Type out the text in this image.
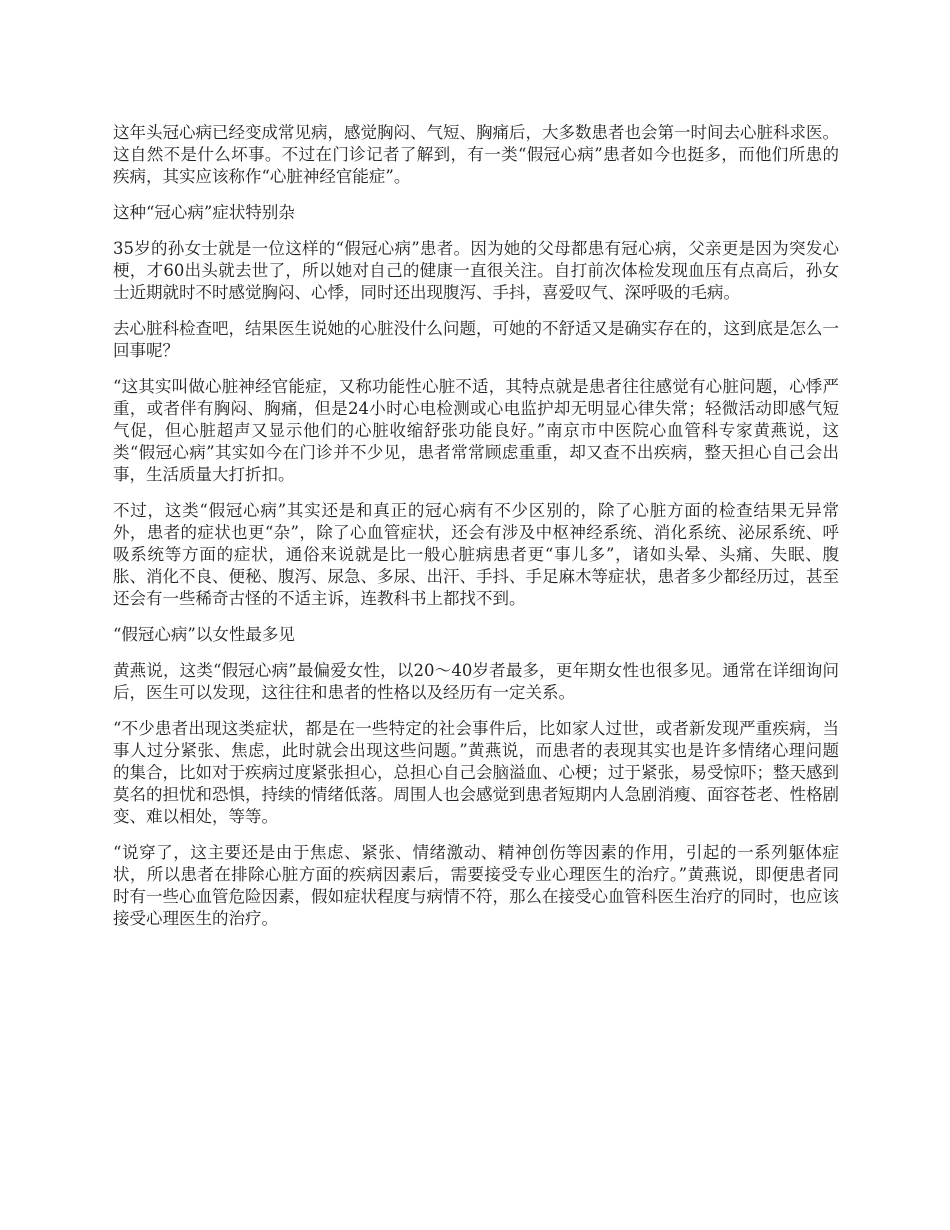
这年头冠心病已经变成常见病，感觉胸闷、气短、胸痛后，大多数患者也会第一时间去心脏科求医。这自然不是什么坏事。不过在门诊记者了解到，有一类“假冠心病”患者如今也挺多，而他们所患的疾病，其实应该称作“心脏神经官能症”。

这种“冠心病”症状特别杂

35岁的孙女士就是一位这样的“假冠心病”患者。因为她的父母都患有冠心病，父亲更是因为突发心梗，才60出头就去世了，所以她对自己的健康一直很关注。自打前次体检发现血压有点高后，孙女士近期就时不时感觉胸闷、心悸，同时还出现腹泻、手抖，喜爱叹气、深呼吸的毛病。

去心脏科检查吧，结果医生说她的心脏没什么问题，可她的不舒适又是确实存在的，这到底是怎么一回事呢？

“这其实叫做心脏神经官能症，又称功能性心脏不适，其特点就是患者往往感觉有心脏问题，心悸严重，或者伴有胸闷、胸痛，但是24小时心电检测或心电监护却无明显心律失常；轻微活动即感气短气促，但心脏超声又显示他们的心脏收缩舒张功能良好。”南京市中医院心血管科专家黄燕说，这类“假冠心病”其实如今在门诊并不少见，患者常常顾虑重重，却又查不出疾病，整天担心自己会出事，生活质量大打折扣。

不过，这类“假冠心病”其实还是和真正的冠心病有不少区别的，除了心脏方面的检查结果无异常外，患者的症状也更“杂”，除了心血管症状，还会有涉及中枢神经系统、消化系统、泌尿系统、呼吸系统等方面的症状，通俗来说就是比一般心脏病患者更“事儿多”，诸如头晕、头痛、失眠、腹胀、消化不良、便秘、腹泻、尿急、多尿、出汗、手抖、手足麻木等症状，患者多少都经历过，甚至还会有一些稀奇古怪的不适主诉，连教科书上都找不到。

“假冠心病”以女性最多见

黄燕说，这类“假冠心病”最偏爱女性，以20～40岁者最多，更年期女性也很多见。通常在详细询问后，医生可以发现，这往往和患者的性格以及经历有一定关系。

“不少患者出现这类症状，都是在一些特定的社会事件后，比如家人过世，或者新发现严重疾病，当事人过分紧张、焦虑，此时就会出现这些问题。”黄燕说，而患者的表现其实也是许多情绪心理问题的集合，比如对于疾病过度紧张担心，总担心自己会脑溢血、心梗；过于紧张，易受惊吓；整天感到莫名的担忧和恐惧，持续的情绪低落。周围人也会感觉到患者短期内人急剧消瘦、面容苍老、性格剧变、难以相处，等等。

“说穿了，这主要还是由于焦虑、紧张、情绪激动、精神创伤等因素的作用，引起的一系列躯体症状，所以患者在排除心脏方面的疾病因素后，需要接受专业心理医生的治疗。”黄燕说，即便患者同时有一些心血管危险因素，假如症状程度与病情不符，那么在接受心血管科医生治疗的同时，也应该接受心理医生的治疗。
